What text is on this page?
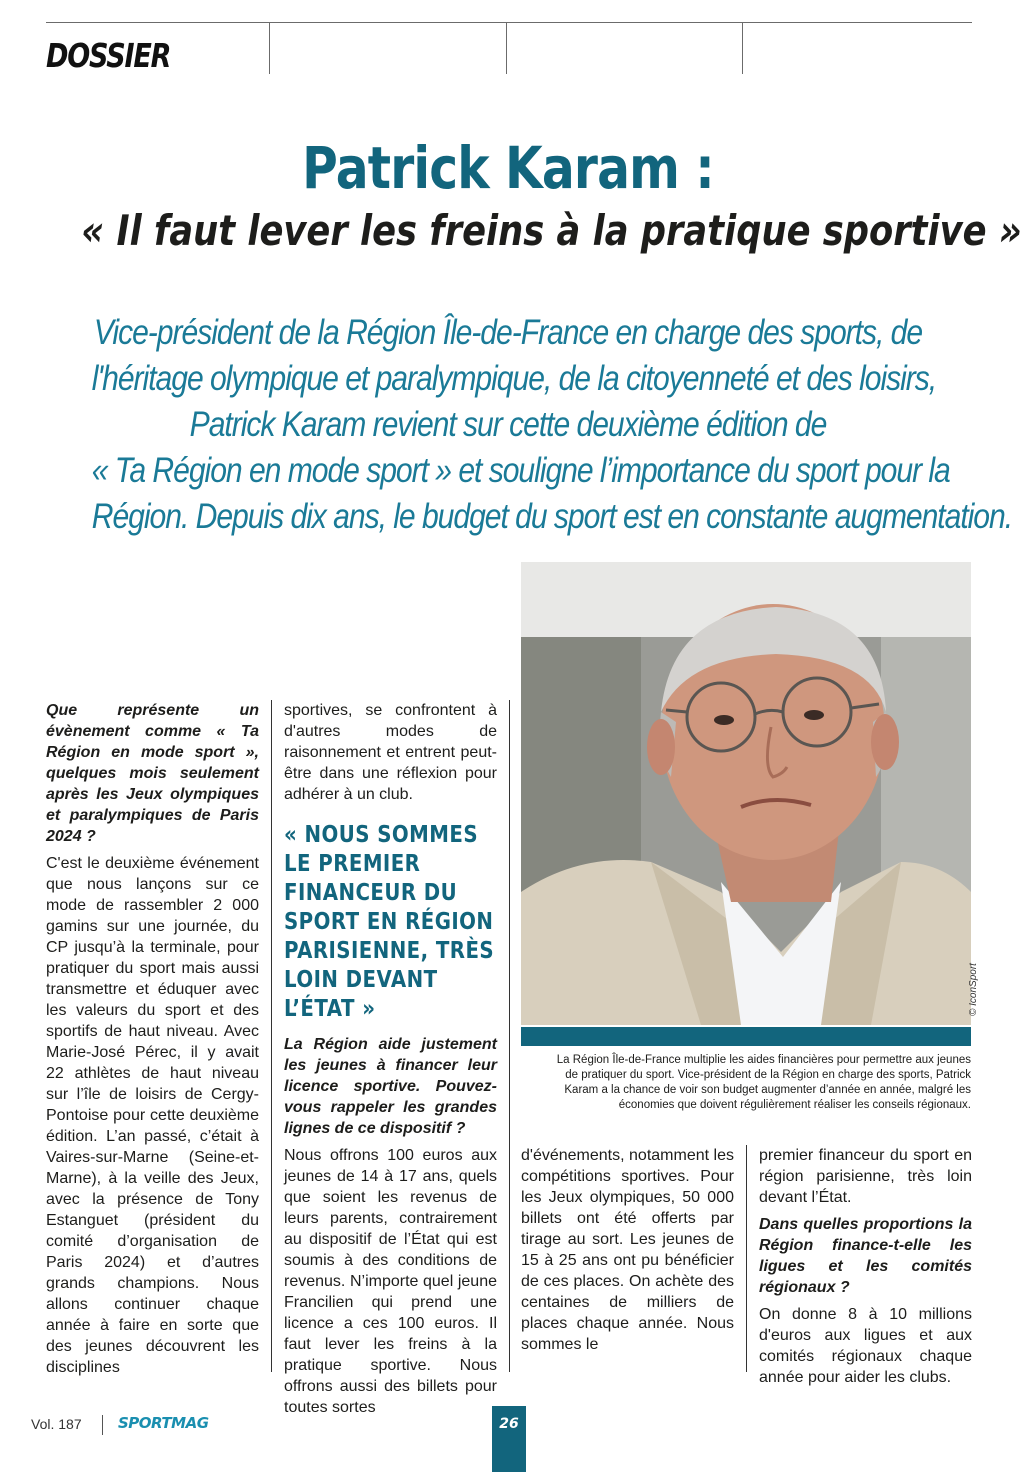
DOSSIER
Patrick Karam :
« Il faut lever les freins à la pratique sportive »
Vice-président de la Région Île-de-France en charge des sports, de
l'héritage olympique et paralympique, de la citoyenneté et des loisirs,
Patrick Karam revient sur cette deuxième édition de
« Ta Région en mode sport » et souligne l’importance du sport pour la
Région. Depuis dix ans, le budget du sport est en constante augmentation.
© IconSport
La Région Île-de-France multiplie les aides financières pour permettre aux jeunes
de pratiquer du sport. Vice-président de la Région en charge des sports, Patrick
Karam a la chance de voir son budget augmenter d’année en année, malgré les
économies que doivent régulièrement réaliser les conseils régionaux.

Que représente un évènement comme « Ta Région en mode sport », quelques mois seulement après les Jeux olympiques et paralympiques de Paris 2024 ?

C'est le deuxième événement que nous lançons sur ce mode de rassembler 2 000 gamins sur une journée, du CP jusqu’à la terminale, pour pratiquer du sport mais aussi transmettre et éduquer avec les valeurs du sport et des sportifs de haut niveau. Avec Marie-José Pérec, il y avait 22 athlètes de haut niveau sur l’île de loisirs de Cergy-Pontoise pour cette deuxième édition. L’an passé, c’était à Vaires-sur-Marne (Seine-et-Marne), à la veille des Jeux, avec la présence de Tony Estanguet (président du comité d’organisation de Paris 2024) et d’autres grands champions. Nous allons continuer chaque année à faire en sorte que des jeunes découvrent les disciplines

sportives, se confrontent à d'autres modes de raisonnement et entrent peut-être dans une réflexion pour adhérer à un club.

« NOUS SOMMES LE PREMIER FINANCEUR DU SPORT EN RÉGION PARISIENNE, TRÈS LOIN DEVANT L’ÉTAT »

La Région aide justement les jeunes à financer leur licence sportive. Pouvez-vous rappeler les grandes lignes de ce dispositif ?

Nous offrons 100 euros aux jeunes de 14 à 17 ans, quels que soient les revenus de leurs parents, contrairement au dispositif de l’État qui est soumis à des conditions de revenus. N’importe quel jeune Francilien qui prend une licence a ces 100 euros. Il faut lever les freins à la pratique sportive. Nous offrons aussi des billets pour toutes sortes

d'événements, notamment les compétitions sportives. Pour les Jeux olympiques, 50 000 billets ont été offerts par tirage au sort. Les jeunes de 15 à 25 ans ont pu bénéficier de ces places. On achète des centaines de milliers de places chaque année. Nous sommes le

premier financeur du sport en région parisienne, très loin devant l’État.

Dans quelles proportions la Région finance-t-elle les ligues et les comités régionaux ?

On donne 8 à 10 millions d'euros aux ligues et aux comités régionaux chaque année pour aider les clubs.

Vol. 187 SPORTMAG	26
